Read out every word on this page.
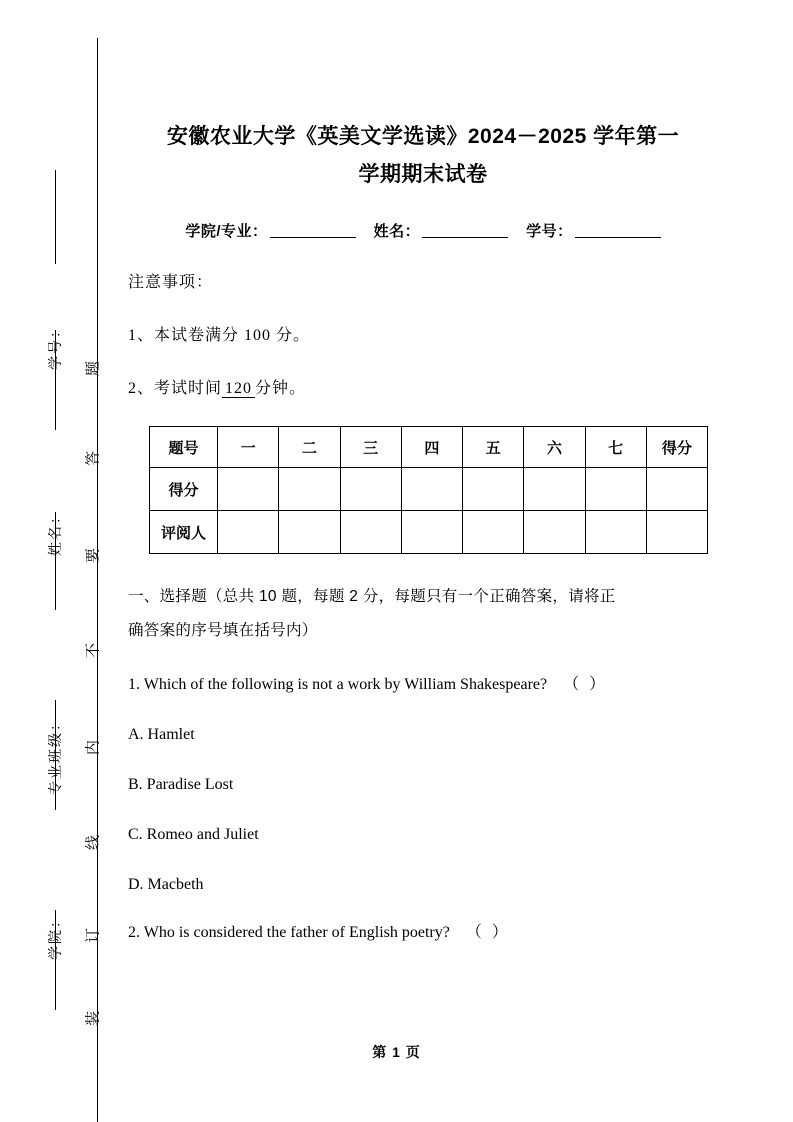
学号：
姓名：
专业班级：
学院：
题
答
要
不
内
线
订
装
安徽农业大学《英美文学选读》2024－2025 学年第一
学期期末试卷
学院/专业：	姓名：	学号：
注意事项：
1、本试卷满分 100 分。
2、考试时间 120 分钟。
题号	一	二	三	四	五	六	七	得分
得分								
评阅人								
一、选择题（总共 10 题，每题 2 分，每题只有一个正确答案，请将正
确答案的序号填在括号内）
1. Which of the following is not a work by William Shakespeare? （ ）
A. Hamlet
B. Paradise Lost
C. Romeo and Juliet
D. Macbeth
2. Who is considered the father of English poetry? （ ）
第 1 页
